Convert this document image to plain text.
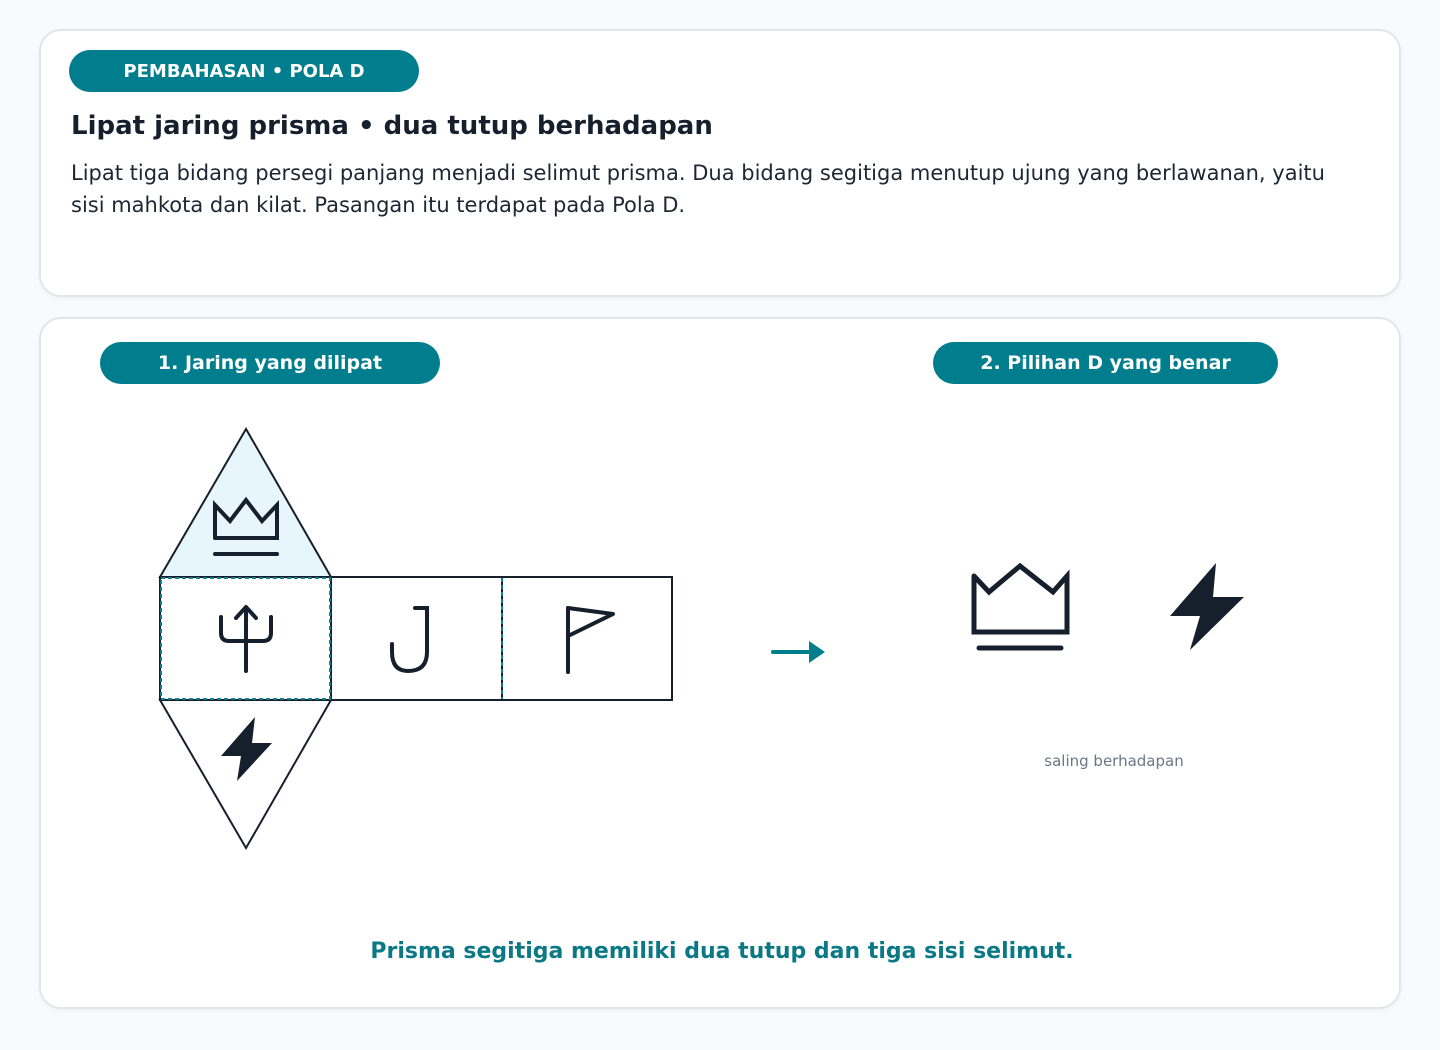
PEMBAHASAN • POLA D
Lipat jaring prisma • dua tutup berhadapan

Lipat tiga bidang persegi panjang menjadi selimut prisma. Dua bidang segitiga menutup ujung yang berlawanan, yaitu sisi mahkota dan kilat. Pasangan itu terdapat pada Pola D.

saling berhadapan
1. Jaring yang dilipat	2. Pilihan D yang benar

Prisma segitiga memiliki dua tutup dan tiga sisi selimut.
